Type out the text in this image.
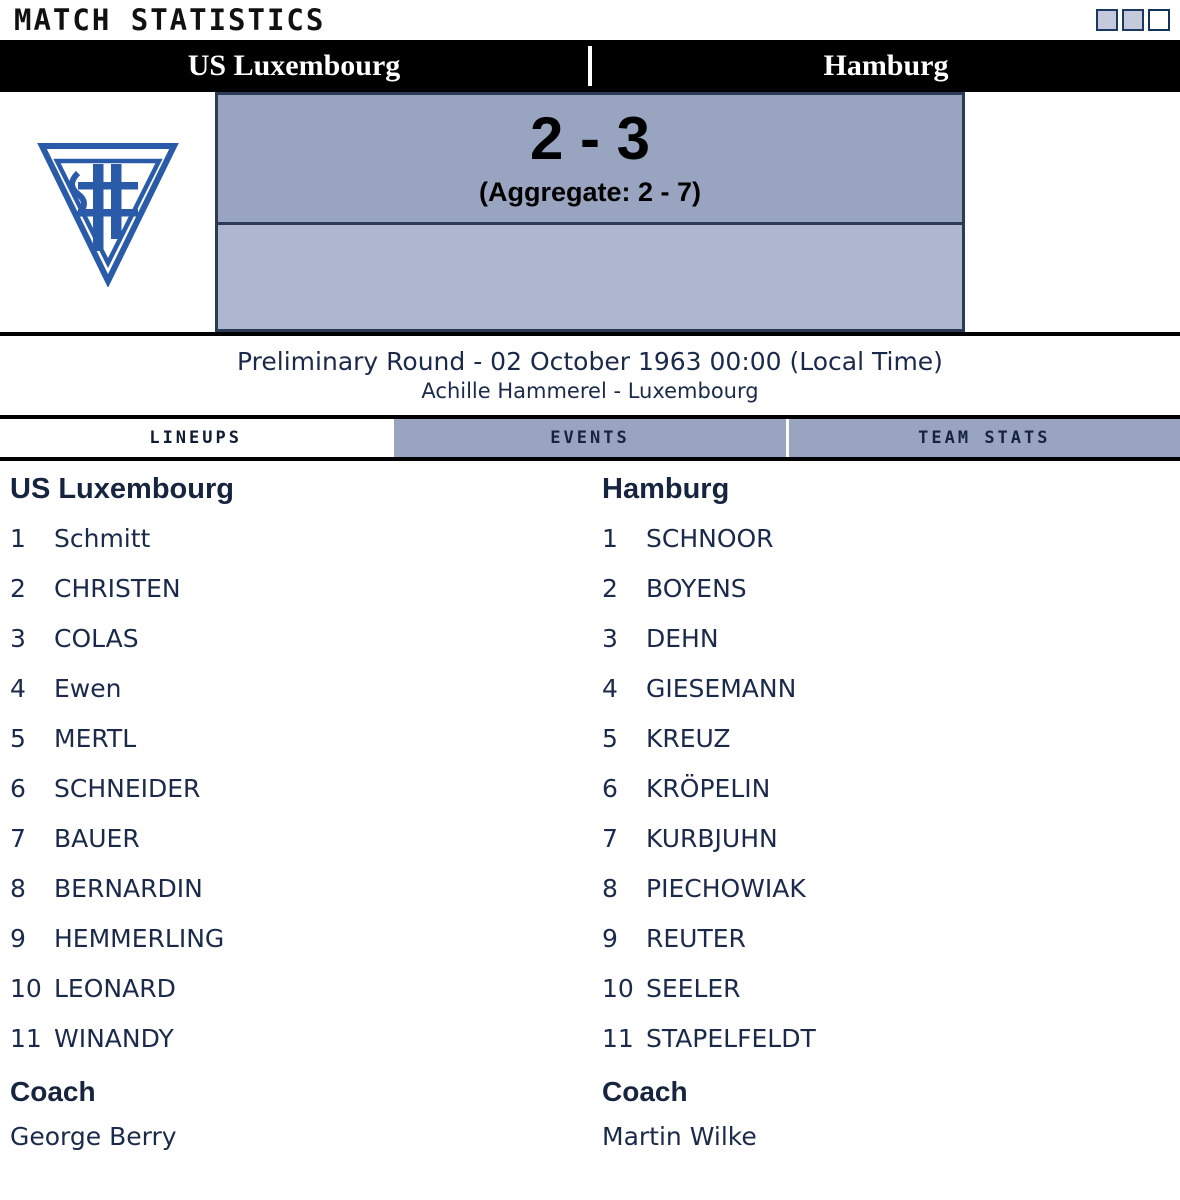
MATCH STATISTICS
US Luxembourg	Hamburg
2 - 3
(Aggregate: 2 - 7)
Preliminary Round - 02 October 1963 00:00 (Local Time)
Achille Hammerel - Luxembourg
LINEUPS	EVENTS	TEAM STATS
US Luxembourg
1	Schmitt
2	CHRISTEN
3	COLAS
4	Ewen
5	MERTL
6	SCHNEIDER
7	BAUER
8	BERNARDIN
9	HEMMERLING
10 LEONARD
11 WINANDY
Coach
George Berry
Hamburg
1	SCHNOOR
2	BOYENS
3	DEHN
4	GIESEMANN
5	KREUZ
6	KRÖPELIN
7	KURBJUHN
8	PIECHOWIAK
9	REUTER
10 SEELER
11 STAPELFELDT
Coach
Martin Wilke
